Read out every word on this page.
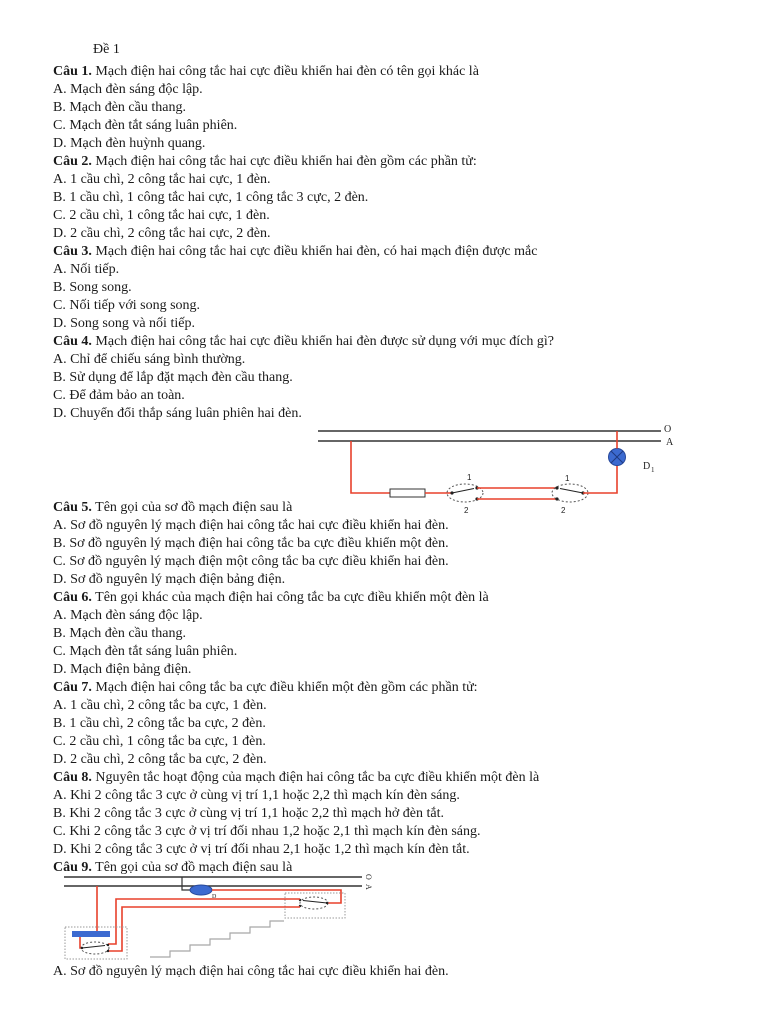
Đề 1
Câu 1. Mạch điện hai công tắc hai cực điều khiển hai đèn có tên gọi khác là
A. Mạch đèn sáng độc lập.
B. Mạch đèn cầu thang.
C. Mạch đèn tắt sáng luân phiên.
D. Mạch đèn huỳnh quang.
Câu 2. Mạch điện hai công tắc hai cực điều khiển hai đèn gồm các phần tử:
A. 1 cầu chì, 2 công tắc hai cực, 1 đèn.
B. 1 cầu chì, 1 công tắc hai cực, 1 công tắc 3 cực, 2 đèn.
C. 2 cầu chì, 1 công tắc hai cực, 1 đèn.
D. 2 cầu chì, 2 công tắc hai cực, 2 đèn.
Câu 3. Mạch điện hai công tắc hai cực điều khiển hai đèn, có hai mạch điện được mắc
A. Nối tiếp.
B. Song song.
C. Nối tiếp với song song.
D. Song song và nối tiếp.
Câu 4. Mạch điện hai công tắc hai cực điều khiển hai đèn được sử dụng với mục đích gì?
A. Chỉ để chiếu sáng bình thường.
B. Sử dụng để lắp đặt mạch đèn cầu thang.
C. Để đảm bảo an toàn.
D. Chuyển đổi thắp sáng luân phiên hai đèn.
Câu 5. Tên gọi của sơ đồ mạch điện sau là
A. Sơ đồ nguyên lý mạch điện hai công tắc hai cực điều khiển hai đèn.
B. Sơ đồ nguyên lý mạch điện hai công tắc ba cực điều khiển một đèn.
C. Sơ đồ nguyên lý mạch điện một công tắc ba cực điều khiển hai đèn.
D. Sơ đồ nguyên lý mạch điện bảng điện.
Câu 6. Tên gọi khác của mạch điện hai công tắc ba cực điều khiển một đèn là
A. Mạch đèn sáng độc lập.
B. Mạch đèn cầu thang.
C. Mạch đèn tắt sáng luân phiên.
D. Mạch điện bảng điện.
Câu 7. Mạch điện hai công tắc ba cực điều khiển một đèn gồm các phần tử:
A. 1 cầu chì, 2 công tắc ba cực, 1 đèn.
B. 1 cầu chì, 2 công tắc ba cực, 2 đèn.
C. 2 cầu chì, 1 công tắc ba cực, 1 đèn.
D. 2 cầu chì, 2 công tắc ba cực, 2 đèn.
Câu 8. Nguyên tắc hoạt động của mạch điện hai công tắc ba cực điều khiển một đèn là
A. Khi 2 công tắc 3 cực ở cùng vị trí 1,1 hoặc 2,2 thì mạch kín đèn sáng.
B. Khi 2 công tắc 3 cực ở cùng vị trí 1,1 hoặc 2,2 thì mạch hở đèn tắt.
C. Khi 2 công tắc 3 cực ở vị trí đối nhau 1,2 hoặc 2,1 thì mạch kín đèn sáng.
D. Khi 2 công tắc 3 cực ở vị trí đối nhau 2,1 hoặc 1,2 thì mạch kín đèn tắt.
Câu 9. Tên gọi của sơ đồ mạch điện sau là
A. Sơ đồ nguyên lý mạch điện hai công tắc hai cực điều khiển hai đèn.
O
A
1
2
1
2
D 1
O
A
D
